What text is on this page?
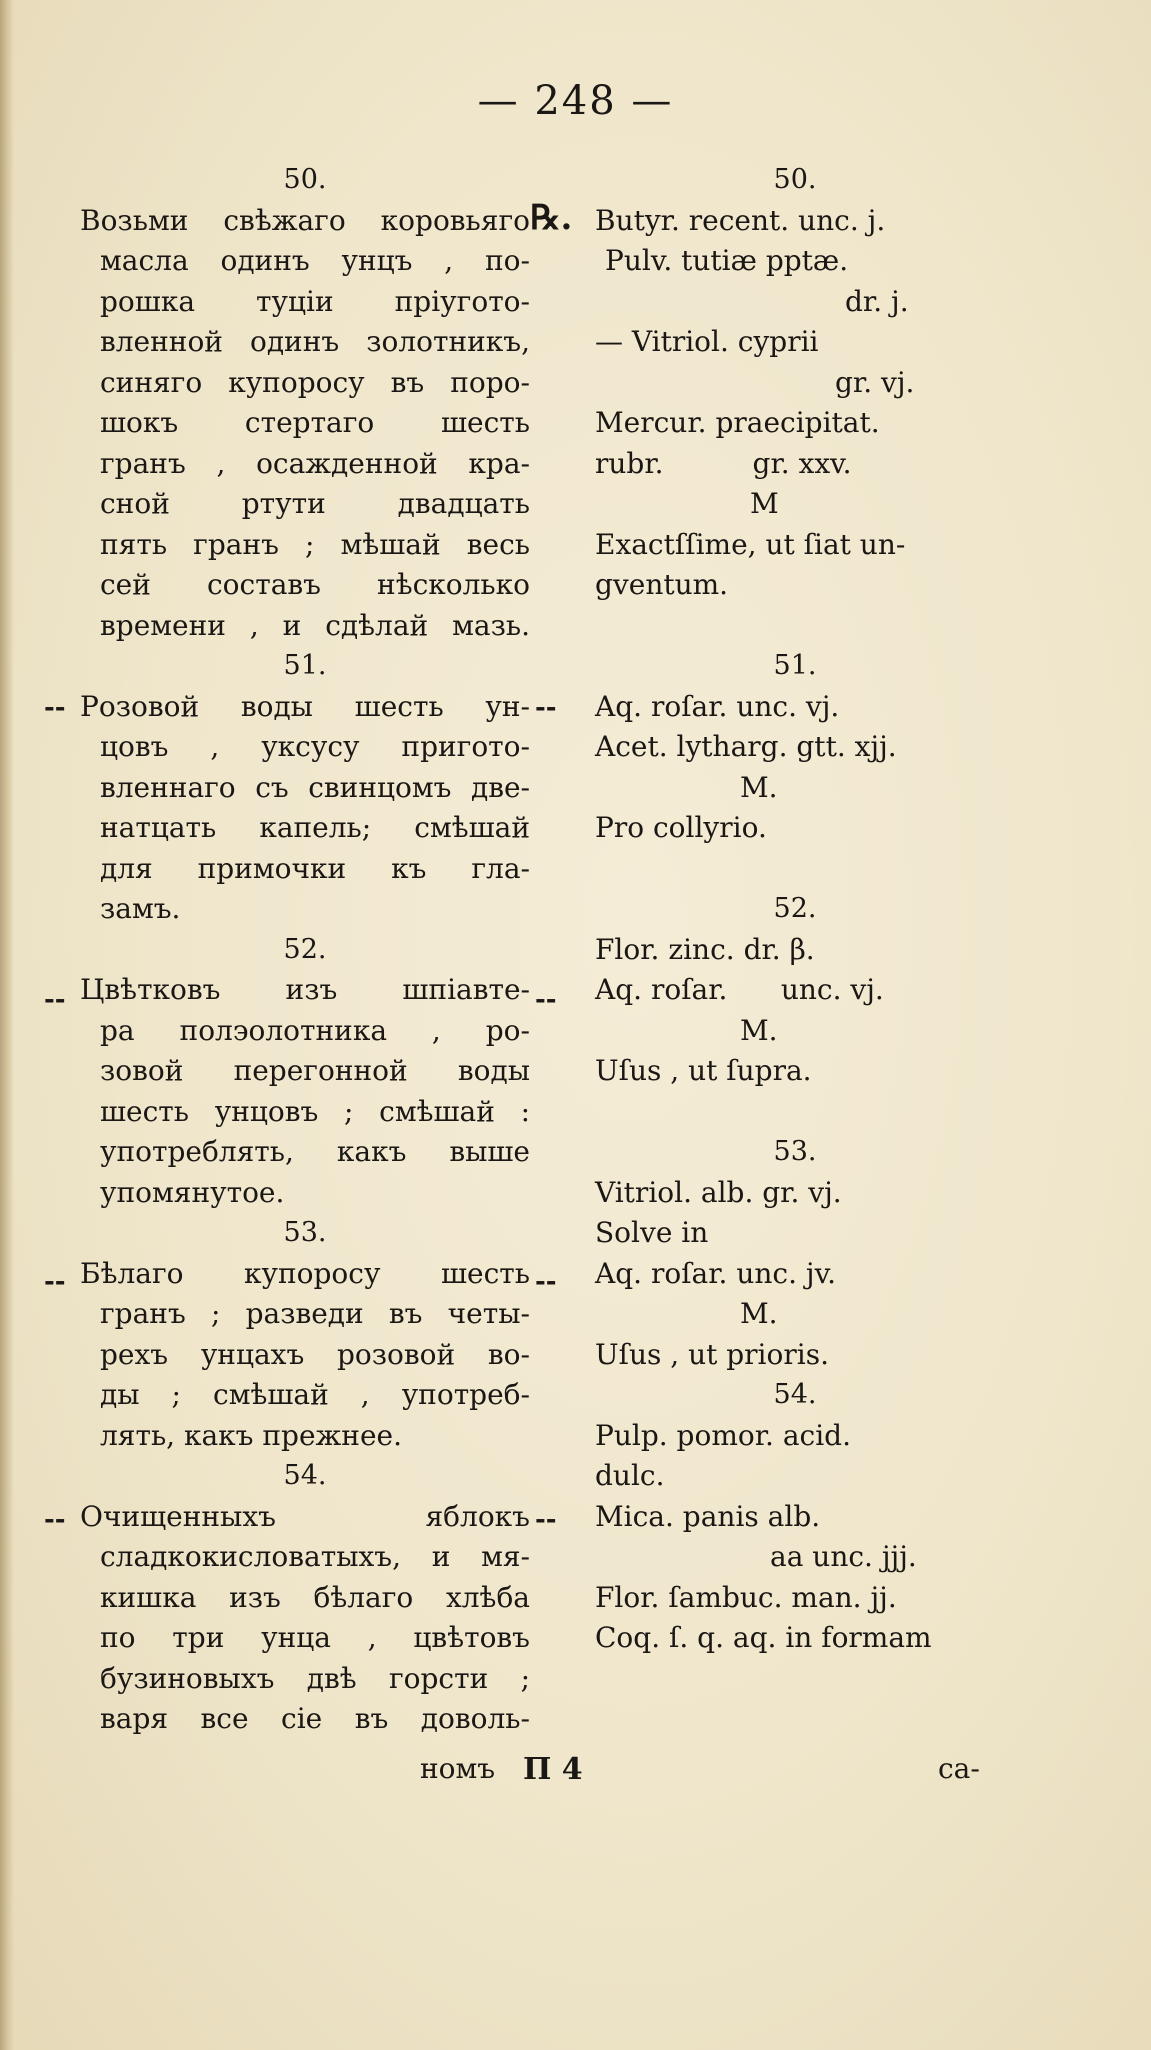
— 248 —
℞.
--	--
--	--
--	--
--	--
50.
Возьми свѣжаго коровьяго
масла одинъ унцъ , по-
рошка туціи пріугото-
вленной одинъ золотникъ,
синяго купоросу въ поро-
шокъ стертаго шесть
гранъ , осажденной кра-
сной ртути двадцать
пять гранъ ; мѣшай весь
сей составъ нѣсколько
времени , и сдѣлай мазь.
51.
Розовой воды шесть ун-
цовъ , уксусу пригото-
вленнаго съ свинцомъ две-
натцать капель; смѣшай
для примочки къ гла-
замъ.
52.
Цвѣтковъ изъ шпіавте-
ра полэолотника , ро-
зовой перегонной воды
шесть унцовъ ; смѣшай :
употреблять, какъ выше
упомянутое.
53.
Бѣлаго купоросу шесть
гранъ ; разведи въ четы-
рехъ унцахъ розовой во-
ды ; смѣшай , употреб-
лять, какъ прежнее.
54.
Очищенныхъ яблокъ
сладкокисловатыхъ, и мя-
кишка изъ бѣлаго хлѣба
по три унца , цвѣтовъ
бузиновыхъ двѣ горсти ;
варя все сіе въ доволь-
50.
Butyr. recent. unc. j.
Pulv. tutiæ pptæ.
dr. j.
— Vitriol. cyprii
gr. vj.
Mercur. praecipitat.
rubr.          gr. xxv.
M
Exactſſime, ut ſiat un-
gventum.
51.
Aq. roſar. unc. vj.
Acet. lytharg. gtt. xjj.
M.
Pro collyrio.
52.
Flor. zinc. dr. β.
Aq. roſar.      unc. vj.
M.
Uſus , ut ſupra.
53.
Vitriol. alb. gr. vj.
Solve in
Aq. roſar. unc. jv.
M.
Uſus , ut prioris.
54.
Pulp. pomor. acid.
dulc.
Mica. panis alb.
aa unc. jjj.
Flor. ſambuc. man. jj.
Coq. ſ. q. aq. in formam
номъ П 4	ca-
